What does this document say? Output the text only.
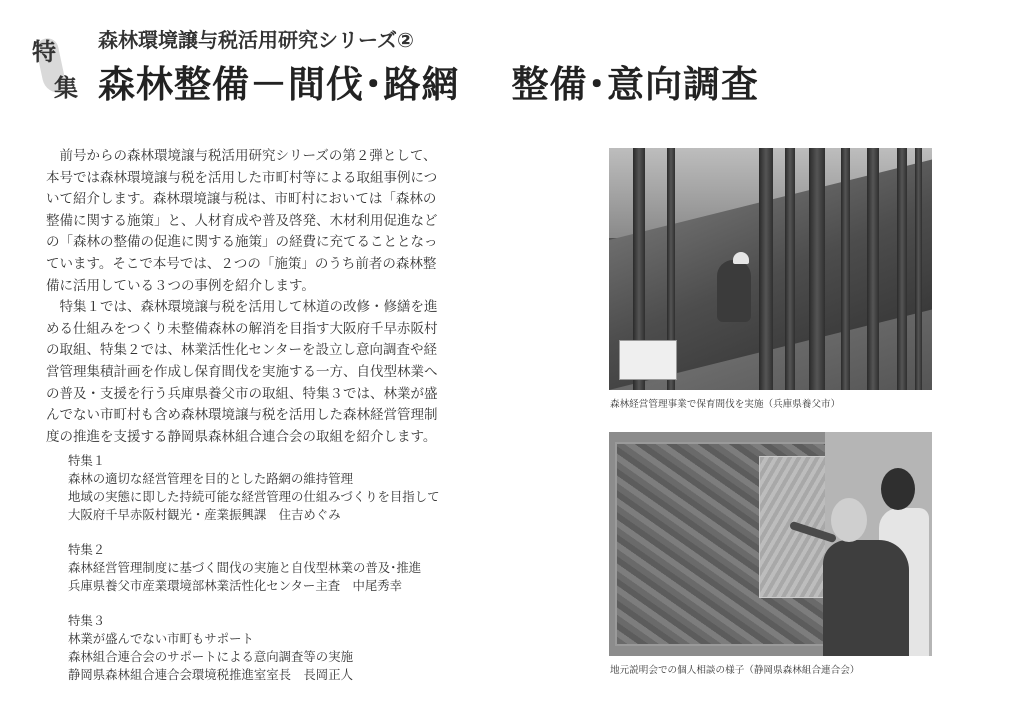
特
集
森林環境譲与税活用研究シリーズ②
森林整備－間伐･路網 整備･意向調査

前号からの森林環境譲与税活用研究シリーズの第２弾として、本号では森林環境譲与税を活用した市町村等による取組事例について紹介します。森林環境譲与税は、市町村においては「森林の整備に関する施策」と、人材育成や普及啓発、木材利用促進などの「森林の整備の促進に関する施策」の経費に充てることとなっています。そこで本号では、２つの「施策」のうち前者の森林整備に活用している３つの事例を紹介します。

特集１では、森林環境譲与税を活用して林道の改修・修繕を進める仕組みをつくり未整備森林の解消を目指す大阪府千早赤阪村の取組、特集２では、林業活性化センターを設立し意向調査や経営管理集積計画を作成し保育間伐を実施する一方、自伐型林業への普及・支援を行う兵庫県養父市の取組、特集３では、林業が盛んでない市町村も含め森林環境譲与税を活用した森林経営管理制度の推進を支援する静岡県森林組合連合会の取組を紹介します。

特集１
森林の適切な経営管理を目的とした路網の維持管理
地域の実態に即した持続可能な経営管理の仕組みづくりを目指して
大阪府千早赤阪村観光・産業振興課　住吉めぐみ
特集２
森林経営管理制度に基づく間伐の実施と自伐型林業の普及･推進
兵庫県養父市産業環境部林業活性化センター主査　中尾秀幸
特集３
林業が盛んでない市町もサポート
森林組合連合会のサポートによる意向調査等の実施
静岡県森林組合連合会環境税推進室室長　長岡正人
森林経営管理事業で保育間伐を実施（兵庫県養父市）
地元説明会での個人相談の様子（静岡県森林組合連合会）
